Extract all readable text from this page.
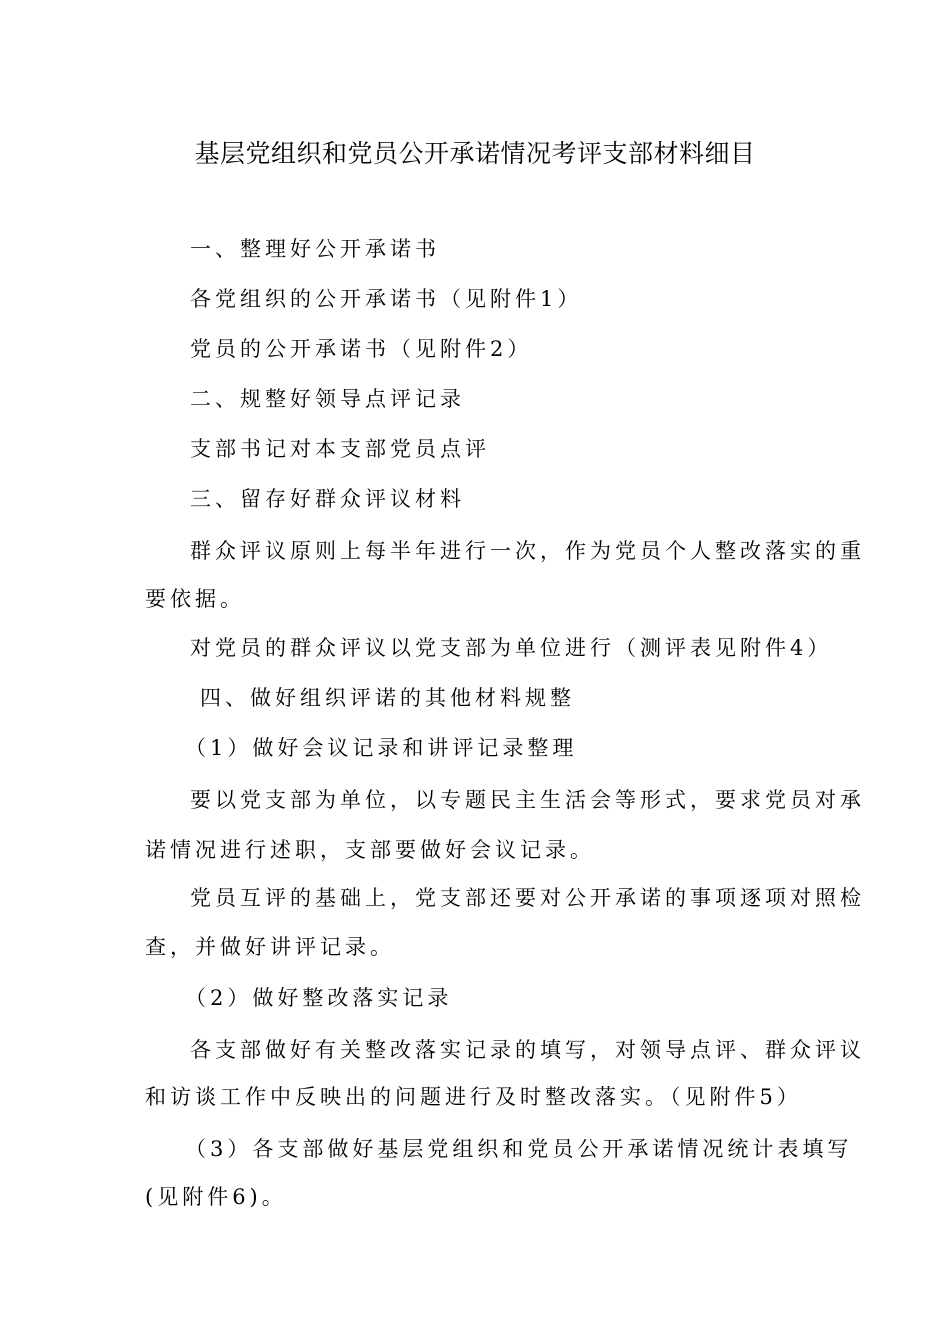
基层党组织和党员公开承诺情况考评支部材料细目

一、整理好公开承诺书

各党组织的公开承诺书（见附件1）

党员的公开承诺书（见附件2）

二、规整好领导点评记录

支部书记对本支部党员点评

三、留存好群众评议材料

群众评议原则上每半年进行一次，作为党员个人整改落实的重

要依据。

对党员的群众评议以党支部为单位进行（测评表见附件4）

四、做好组织评诺的其他材料规整

（1）做好会议记录和讲评记录整理

要以党支部为单位，以专题民主生活会等形式，要求党员对承

诺情况进行述职，支部要做好会议记录。

党员互评的基础上，党支部还要对公开承诺的事项逐项对照检

查，并做好讲评记录。

（2）做好整改落实记录

各支部做好有关整改落实记录的填写，对领导点评、群众评议

和访谈工作中反映出的问题进行及时整改落实。（见附件5）

（3）各支部做好基层党组织和党员公开承诺情况统计表填写

(见附件6)。
